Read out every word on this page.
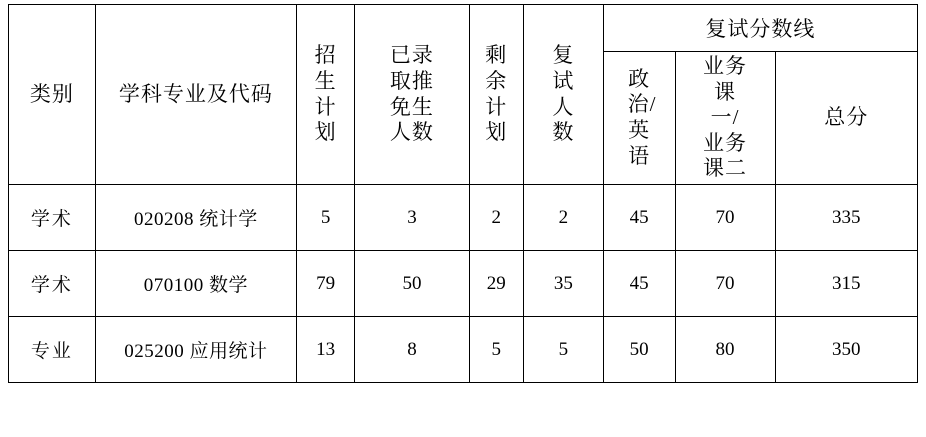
类别	学科专业及代码	招生计划	已录取推免生人数	剩余计划	复试人数	复试分数线		

						政治/英语	业务课一/业务课二	总分
学术	020208 统计学	5	3	2	2	45	70	335
学术	070100 数学	79	50	29	35	45	70	315
专业	025200 应用统计	13	8	5	5	50	80	350
